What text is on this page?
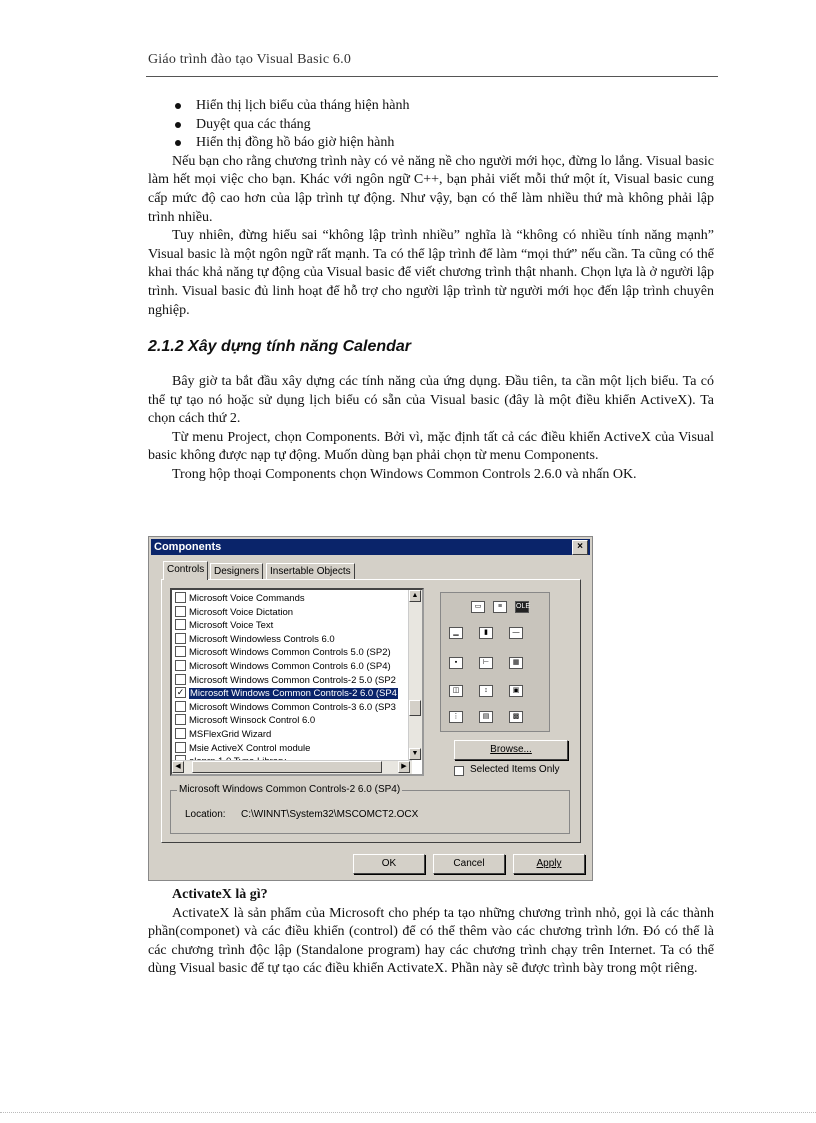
Giáo trình đào tạo Visual Basic 6.0
Hiển thị lịch biểu của tháng hiện hành
Duyệt qua các tháng
Hiển thị đồng hồ báo giờ hiện hành

Nếu bạn cho rằng chương trình này có vẻ năng nề cho người mới học, đừng lo lắng. Visual basic làm hết mọi việc cho bạn. Khác với ngôn ngữ C++, bạn phải viết mỗi thứ một ít, Visual basic cung cấp mức độ cao hơn của lập trình tự động. Như vậy, bạn có thể làm nhiều thứ mà không phải lập trình nhiều.

Tuy nhiên, đừng hiểu sai “không lập trình nhiều” nghĩa là “không có nhiều tính năng mạnh” Visual basic là một ngôn ngữ rất mạnh. Ta có thể lập trình để làm “mọi thứ” nếu cần. Ta cũng có thể khai thác khả năng tự động của Visual basic để viết chương trình thật nhanh. Chọn lựa là ở người lập trình. Visual basic đủ linh hoạt để hỗ trợ cho người lập trình từ người mới học đến lập trình chuyên nghiệp.

2.1.2 Xây dựng tính năng Calendar

Bây giờ ta bắt đầu xây dựng các tính năng của ứng dụng. Đầu tiên, ta cần một lịch biểu. Ta có thể tự tạo nó hoặc sử dụng lịch biểu có sẵn của Visual basic (đây là một điều khiển ActiveX). Ta chọn cách thứ 2.

Từ menu Project, chọn Components. Bởi vì, mặc định tất cả các điều khiển ActiveX của Visual basic không được nạp tự động. Muốn dùng bạn phải chọn từ menu Components.

Trong hộp thoại Components chọn Windows Common Controls 2.6.0 và nhấn OK.

Components	×
Controls Designers	Insertable Objects
Microsoft Voice Commands
Microsoft Voice Dictation
Microsoft Voice Text
Microsoft Windowless Controls 6.0
Microsoft Windows Common Controls 5.0 (SP2)
Microsoft Windows Common Controls 6.0 (SP4)
Microsoft Windows Common Controls-2 5.0 (SP2
✓ Microsoft Windows Common Controls-2 6.0 (SP4
Microsoft Windows Common Controls-3 6.0 (SP3
Microsoft Winsock Control 6.0
MSFlexGrid Wizard
Msie ActiveX Control module
▲
▼
◀	▶
▭	≡	OLE
▁	▮	—
▪	⊢	▦
◫	↕	▣
⋮	▤	▩
Browse...
Selected Items Only
Microsoft Windows Common Controls-2 6.0 (SP4)
Location: C:\WINNT\System32\MSCOMCT2.OCX
OK	Cancel	Apply

ActivateX là gì?

ActivateX là sản phẩm của Microsoft cho phép ta tạo những chương trình nhỏ, gọi là các thành phần(componet) và các điều khiển (control) để có thể thêm vào các chương trình lớn. Đó có thể là các chương trình độc lập (Standalone program) hay các chương trình chạy trên Internet. Ta có thể dùng Visual basic để tự tạo các điều khiển ActivateX. Phần này sẽ được trình bày trong một riêng.
